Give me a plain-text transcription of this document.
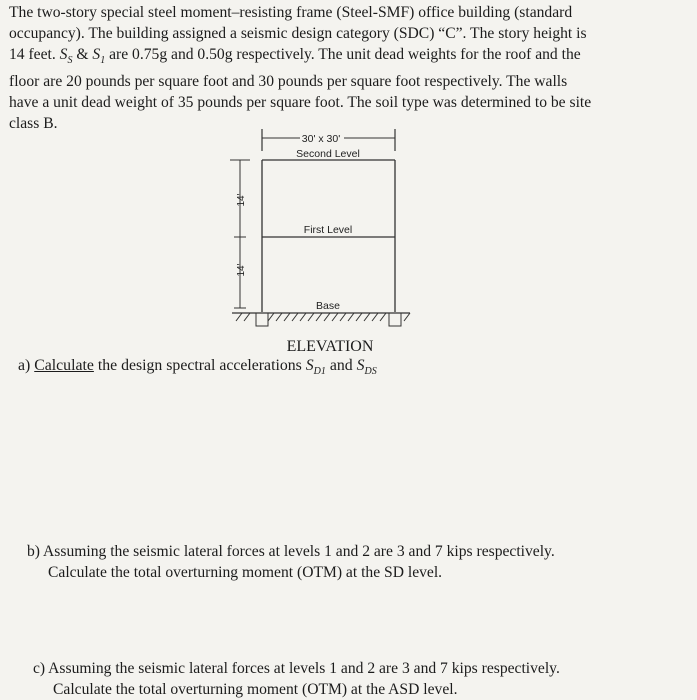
The two-story special steel moment–resisting frame (Steel-SMF) office building (standard
occupancy). The building assigned a seismic design category (SDC) “C”. The story height is
14 feet. $S_S$ & $S_1$ are 0.75g and 0.50g respectively. The unit dead weights for the roof and the
floor are 20 pounds per square foot and 30 pounds per square foot respectively. The walls
have a unit dead weight of 35 pounds per square foot. The soil type was determined to be site
class B.
30' x 30'
Second Level
First Level
14'
14'
Base
ELEVATION
a) Calculate the design spectral accelerations $S_{D1}$ and $S_{DS}$
b) Assuming the seismic lateral forces at levels 1 and 2 are 3 and 7 kips respectively.
Calculate the total overturning moment (OTM) at the SD level.
c) Assuming the seismic lateral forces at levels 1 and 2 are 3 and 7 kips respectively.
Calculate the total overturning moment (OTM) at the ASD level.
